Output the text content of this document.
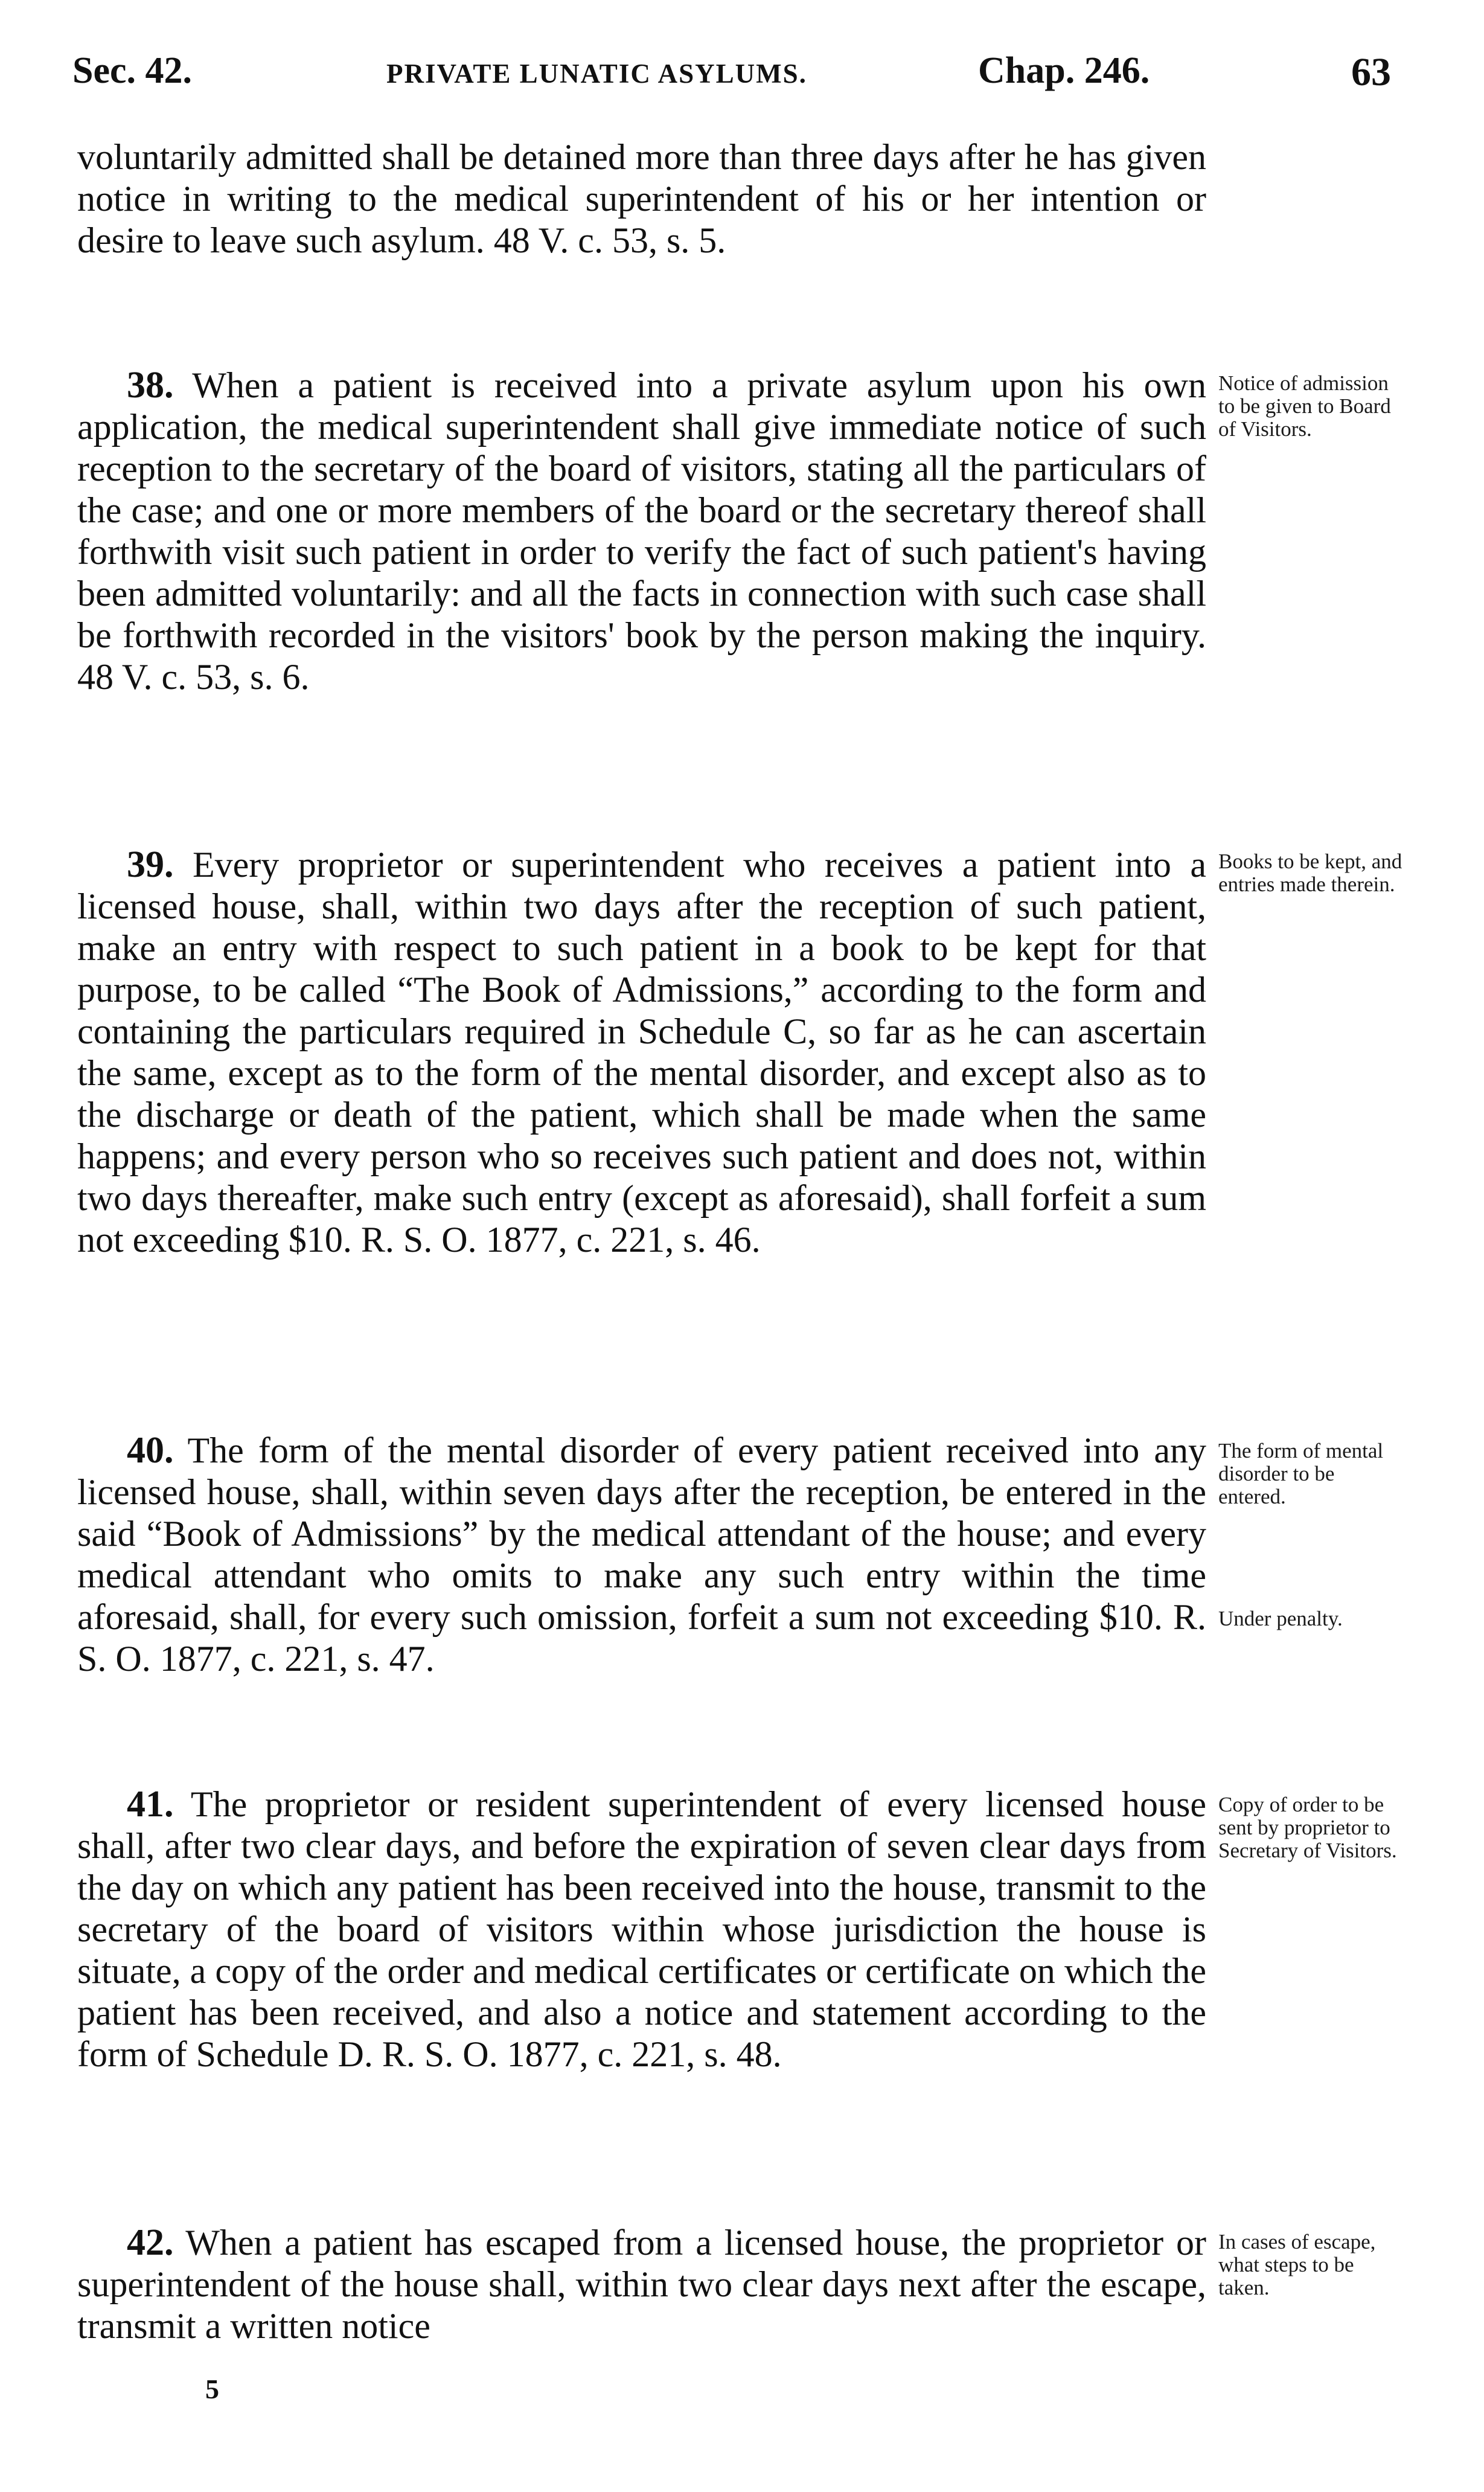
Sec. 42.	PRIVATE LUNATIC ASYLUMS.	Chap. 246.	63

voluntarily admitted shall be detained more than three days after he has given notice in writing to the medical superintendent of his or her intention or desire to leave such asylum. 48 V. c. 53, s. 5.

38. When a patient is received into a private asylum upon his own application, the medical superintendent shall give immediate notice of such reception to the secretary of the board of visitors, stating all the particulars of the case; and one or more members of the board or the secretary thereof shall forthwith visit such patient in order to verify the fact of such patient's having been admitted voluntarily: and all the facts in connection with such case shall be forthwith recorded in the visitors' book by the person making the inquiry. 48 V. c. 53, s. 6.

Notice of admission to be given to Board of Visitors.

39. Every proprietor or superintendent who receives a patient into a licensed house, shall, within two days after the reception of such patient, make an entry with respect to such patient in a book to be kept for that purpose, to be called “The Book of Admissions,” according to the form and containing the particulars required in Schedule C, so far as he can ascertain the same, except as to the form of the mental disorder, and except also as to the discharge or death of the patient, which shall be made when the same happens; and every person who so receives such patient and does not, within two days thereafter, make such entry (except as aforesaid), shall forfeit a sum not exceeding $10. R. S. O. 1877, c. 221, s. 46.

Books to be kept, and entries made therein.

40. The form of the mental disorder of every patient received into any licensed house, shall, within seven days after the reception, be entered in the said “Book of Admissions” by the medical attendant of the house; and every medical attendant who omits to make any such entry within the time aforesaid, shall, for every such omission, forfeit a sum not exceeding $10. R. S. O. 1877, c. 221, s. 47.

The form of mental disorder to be entered.
Under penalty.

41. The proprietor or resident superintendent of every licensed house shall, after two clear days, and before the expiration of seven clear days from the day on which any patient has been received into the house, transmit to the secretary of the board of visitors within whose jurisdiction the house is situate, a copy of the order and medical certificates or certificate on which the patient has been received, and also a notice and statement according to the form of Schedule D. R. S. O. 1877, c. 221, s. 48.

Copy of order to be sent by proprietor to Secretary of Visitors.

42. When a patient has escaped from a licensed house, the proprietor or superintendent of the house shall, within two clear days next after the escape, transmit a written notice

In cases of escape, what steps to be taken.
5
